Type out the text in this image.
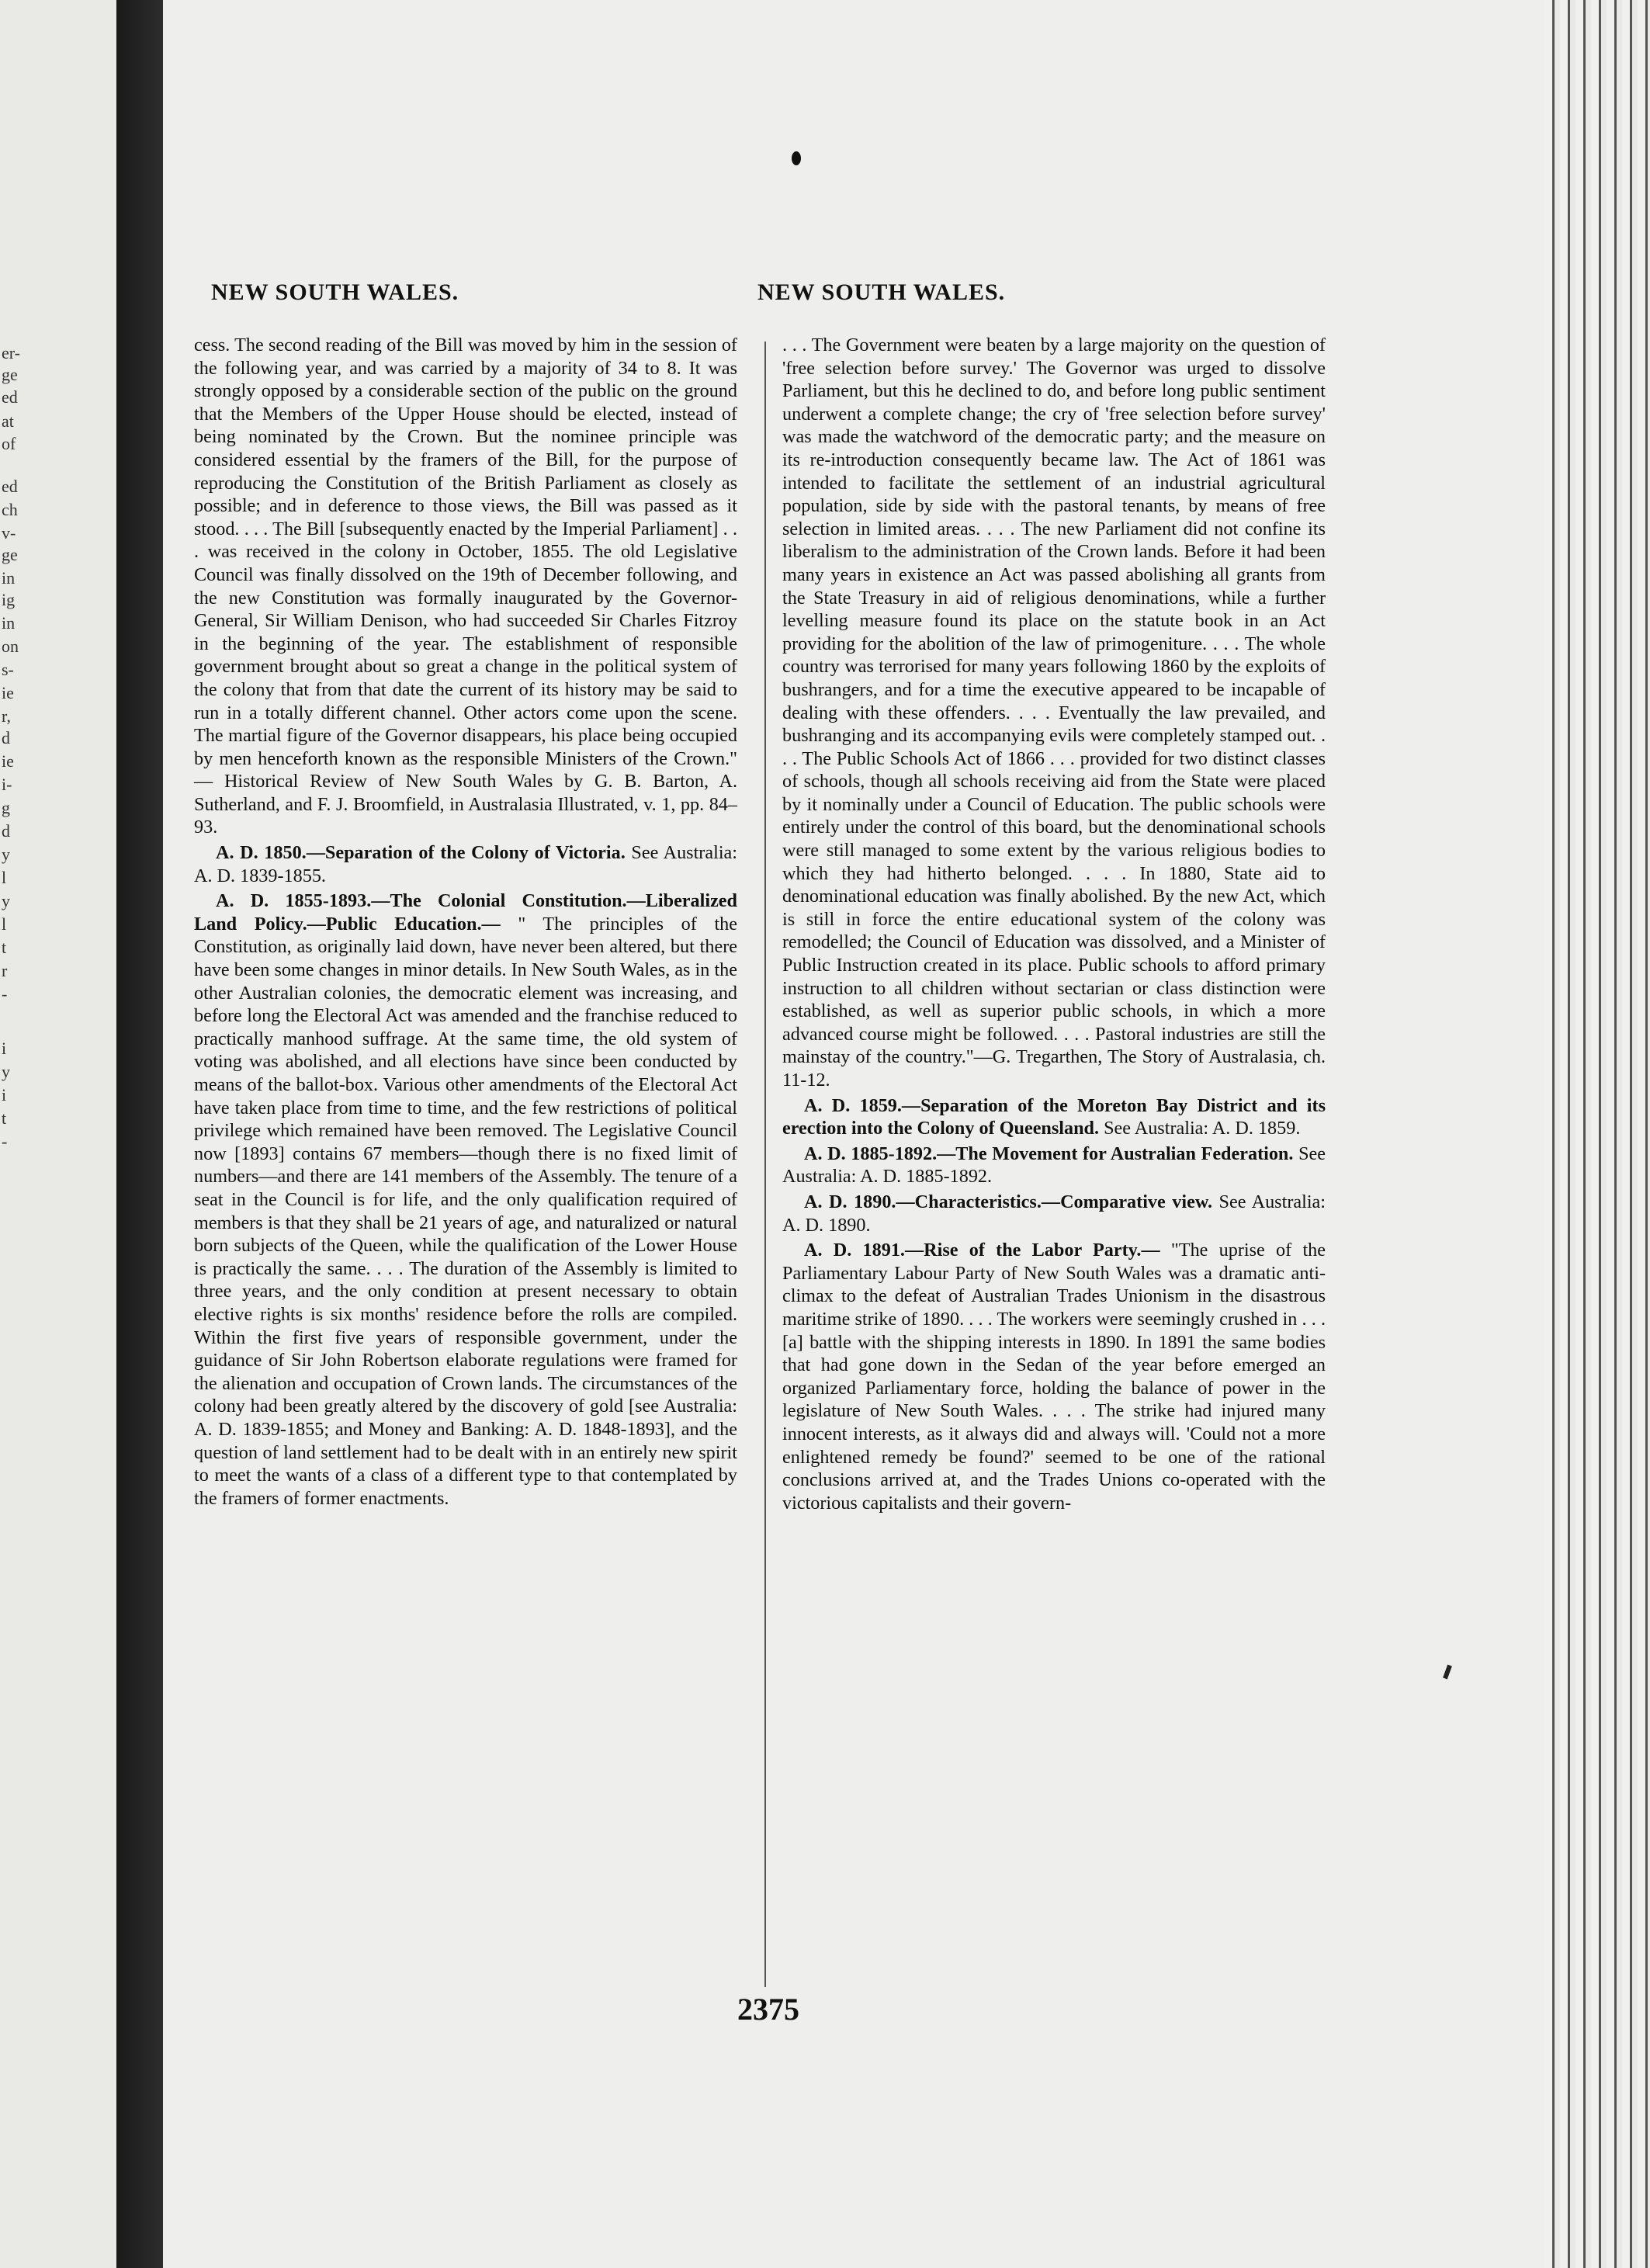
er-
ge
ed
at
of
ed
ch
v-
ge
in
ig
in
on
s-
ie
r,
d
ie
i-
g
d
y
l
y
l
t
r
-
i
y
i
t
-
NEW SOUTH WALES.	NEW SOUTH WALES.

cess. The second reading of the Bill was moved by him in the session of the following year, and was carried by a majority of 34 to 8. It was strongly opposed by a considerable section of the public on the ground that the Members of the Upper House should be elected, instead of being nominated by the Crown. But the nominee principle was considered essential by the framers of the Bill, for the purpose of reproducing the Constitution of the British Parliament as closely as possible; and in deference to those views, the Bill was passed as it stood. . . . The Bill [subsequently enacted by the Imperial Parliament] . . . was received in the colony in October, 1855. The old Legislative Council was finally dissolved on the 19th of December following, and the new Constitution was formally inaugurated by the Governor-General, Sir William Denison, who had succeeded Sir Charles Fitzroy in the beginning of the year. The establishment of responsible government brought about so great a change in the political system of the colony that from that date the current of its history may be said to run in a totally different channel. Other actors come upon the scene. The martial figure of the Governor disappears, his place being occupied by men henceforth known as the responsible Ministers of the Crown." — Historical Review of New South Wales by G. B. Barton, A. Sutherland, and F. J. Broomfield, in Australasia Illustrated, v. 1, pp. 84–93.

A. D. 1850.—Separation of the Colony of Victoria. See Australia: A. D. 1839-1855.

A. D. 1855-1893.—The Colonial Constitution.—Liberalized Land Policy.—Public Education.— " The principles of the Constitution, as originally laid down, have never been altered, but there have been some changes in minor details. In New South Wales, as in the other Australian colonies, the democratic element was increasing, and before long the Electoral Act was amended and the franchise reduced to practically manhood suffrage. At the same time, the old system of voting was abolished, and all elections have since been conducted by means of the ballot-box. Various other amendments of the Electoral Act have taken place from time to time, and the few restrictions of political privilege which remained have been removed. The Legislative Council now [1893] contains 67 members—though there is no fixed limit of numbers—and there are 141 members of the Assembly. The tenure of a seat in the Council is for life, and the only qualification required of members is that they shall be 21 years of age, and naturalized or natural born subjects of the Queen, while the qualification of the Lower House is practically the same. . . . The duration of the Assembly is limited to three years, and the only condition at present necessary to obtain elective rights is six months' residence before the rolls are compiled. Within the first five years of responsible government, under the guidance of Sir John Robertson elaborate regulations were framed for the alienation and occupation of Crown lands. The circumstances of the colony had been greatly altered by the discovery of gold [see Australia: A. D. 1839-1855; and Money and Banking: A. D. 1848-1893], and the question of land settlement had to be dealt with in an entirely new spirit to meet the wants of a class of a different type to that contemplated by the framers of former enactments.

. . . The Government were beaten by a large majority on the question of 'free selection before survey.' The Governor was urged to dissolve Parliament, but this he declined to do, and before long public sentiment underwent a complete change; the cry of 'free selection before survey' was made the watchword of the democratic party; and the measure on its re-introduction consequently became law. The Act of 1861 was intended to facilitate the settlement of an industrial agricultural population, side by side with the pastoral tenants, by means of free selection in limited areas. . . . The new Parliament did not confine its liberalism to the administration of the Crown lands. Before it had been many years in existence an Act was passed abolishing all grants from the State Treasury in aid of religious denominations, while a further levelling measure found its place on the statute book in an Act providing for the abolition of the law of primogeniture. . . . The whole country was terrorised for many years following 1860 by the exploits of bushrangers, and for a time the executive appeared to be incapable of dealing with these offenders. . . . Eventually the law prevailed, and bushranging and its accompanying evils were completely stamped out. . . . The Public Schools Act of 1866 . . . provided for two distinct classes of schools, though all schools receiving aid from the State were placed by it nominally under a Council of Education. The public schools were entirely under the control of this board, but the denominational schools were still managed to some extent by the various religious bodies to which they had hitherto belonged. . . . In 1880, State aid to denominational education was finally abolished. By the new Act, which is still in force the entire educational system of the colony was remodelled; the Council of Education was dissolved, and a Minister of Public Instruction created in its place. Public schools to afford primary instruction to all children without sectarian or class distinction were established, as well as superior public schools, in which a more advanced course might be followed. . . . Pastoral industries are still the mainstay of the country."—G. Tregarthen, The Story of Australasia, ch. 11-12.

A. D. 1859.—Separation of the Moreton Bay District and its erection into the Colony of Queensland. See Australia: A. D. 1859.

A. D. 1885-1892.—The Movement for Australian Federation. See Australia: A. D. 1885-1892.

A. D. 1890.—Characteristics.—Comparative view. See Australia: A. D. 1890.

A. D. 1891.—Rise of the Labor Party.— "The uprise of the Parliamentary Labour Party of New South Wales was a dramatic anti-climax to the defeat of Australian Trades Unionism in the disastrous maritime strike of 1890. . . . The workers were seemingly crushed in . . . [a] battle with the shipping interests in 1890. In 1891 the same bodies that had gone down in the Sedan of the year before emerged an organized Parliamentary force, holding the balance of power in the legislature of New South Wales. . . . The strike had injured many innocent interests, as it always did and always will. 'Could not a more enlightened remedy be found?' seemed to be one of the rational conclusions arrived at, and the Trades Unions co-operated with the victorious capitalists and their govern-

2375
